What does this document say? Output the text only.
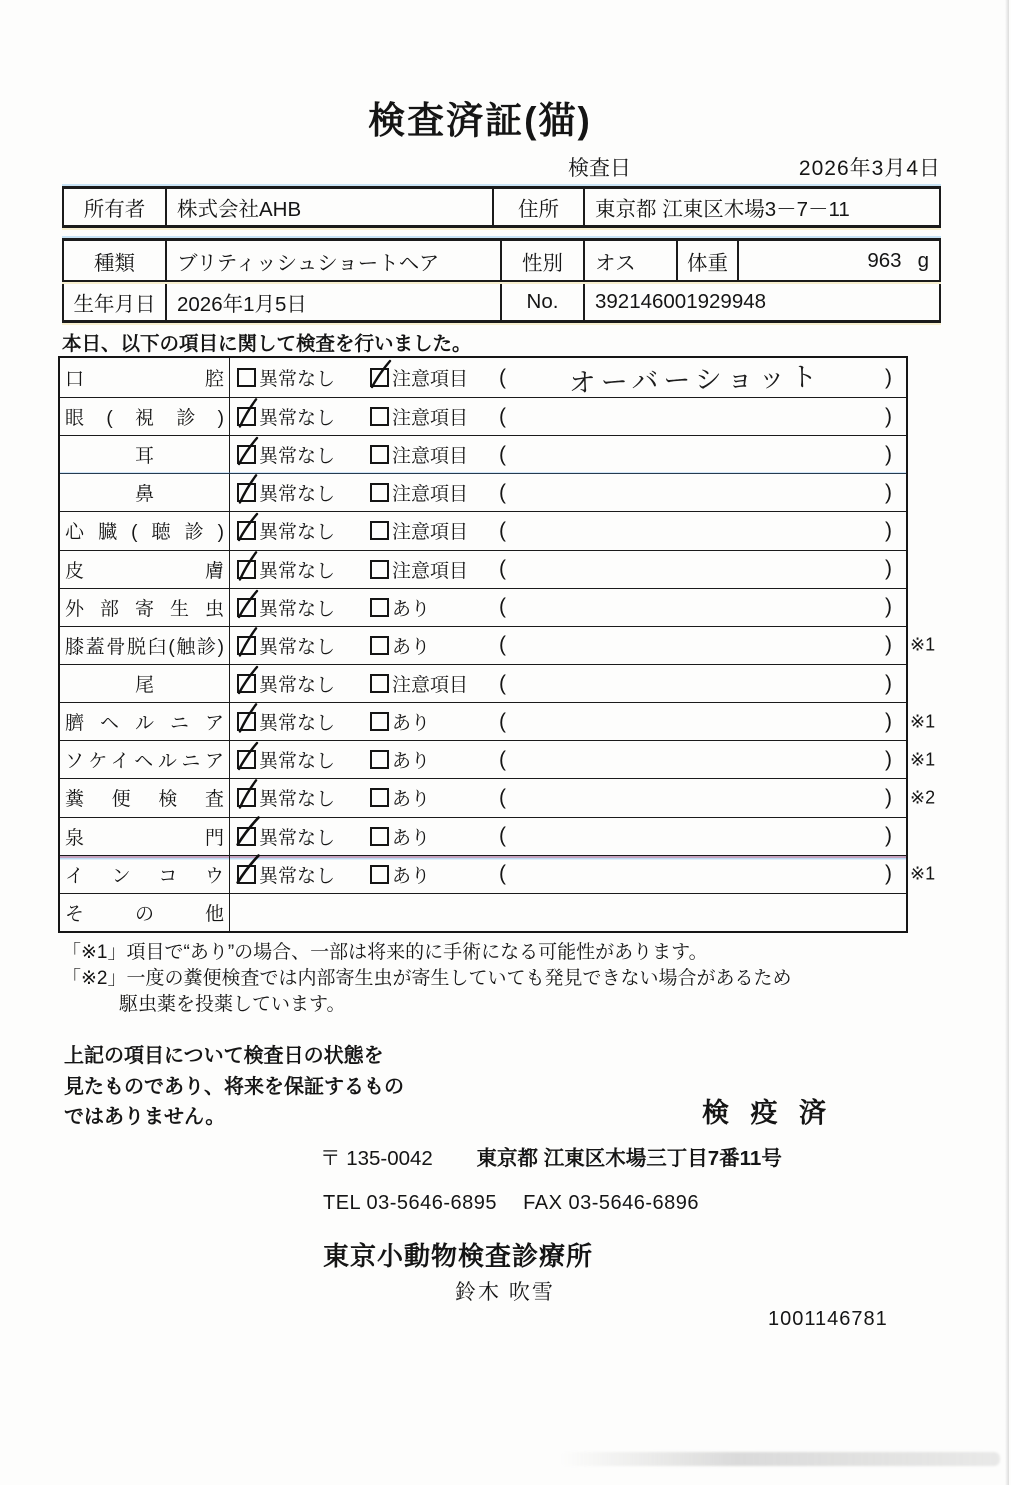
検査済証(猫)
検査日	2026年3月4日
所有者	株式会社AHB	住所	東京都 江東区木場3－7－11
種類	ブリティッシュショートヘア	性別	オス	体重	963 g
生年月日	2026年1月5日	No.	392146001929948
本日、以下の項目に関して検査を行いました。
口腔 異常なし	注意項目 (	オーバーショット	)
眼(視診) 異常なし	注意項目 (	)
耳	異常なし	注意項目 (	)
鼻	異常なし	注意項目 (	)
心臓(聴診) 異常なし	注意項目 (	)
皮膚 異常なし	注意項目 (	)
外部寄生虫 異常なし	あり	(	)
膝蓋骨脱臼(触診) 異常なし	あり	(	) ※1
尾	異常なし	注意項目 (	)
臍ヘルニア 異常なし	あり	(	) ※1
ソケイヘルニア 異常なし	あり	(	) ※1
糞便検査 異常なし	あり	(	) ※2
泉門 異常なし	あり	(	)
インコウ 異常なし	あり	(	) ※1
その他
「※1」項目で“あり”の場合、一部は将来的に手術になる可能性があります。
「※2」一度の糞便検査では内部寄生虫が寄生していても発見できない場合があるため
駆虫薬を投薬しています。
上記の項目について検査日の状態を
見たものであり、将来を保証するもの
ではありません。	検 疫 済
〒 135-0042 東京都 江東区木場三丁目7番11号
TEL 03-5646-6895 FAX 03-5646-6896
東京小動物検査診療所
鈴木 吹雪
1001146781
